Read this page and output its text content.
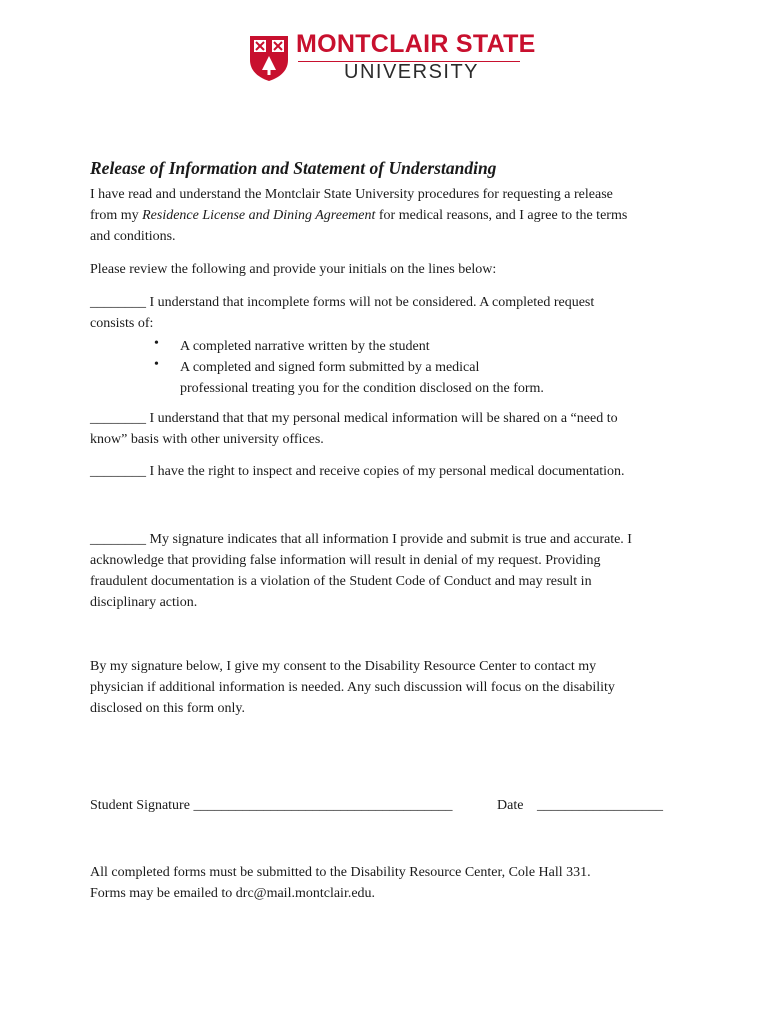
MONTCLAIR STATE
UNIVERSITY
Release of Information and Statement of Understanding

I have read and understand the Montclair State University procedures for requesting a release

from my Residence License and Dining Agreement for medical reasons, and I agree to the terms

and conditions.

Please review the following and provide your initials on the lines below:

________ I understand that incomplete forms will not be considered. A completed request

consists of:

• A completed narrative written by the student
• A completed and signed form submitted by a medical
professional treating you for the condition disclosed on the form.

________ I understand that that my personal medical information will be shared on a “need to

know” basis with other university offices.

________ I have the right to inspect and receive copies of my personal medical documentation.

________ My signature indicates that all information I provide and submit is true and accurate. I

acknowledge that providing false information will result in denial of my request. Providing

fraudulent documentation is a violation of the Student Code of Conduct and may result in

disciplinary action.

By my signature below, I give my consent to the Disability Resource Center to contact my

physician if additional information is needed. Any such discussion will focus on the disability

disclosed on this form only.

Student Signature _____________________________________	Date __________________

All completed forms must be submitted to the Disability Resource Center, Cole Hall 331.

Forms may be emailed to drc@mail.montclair.edu.
